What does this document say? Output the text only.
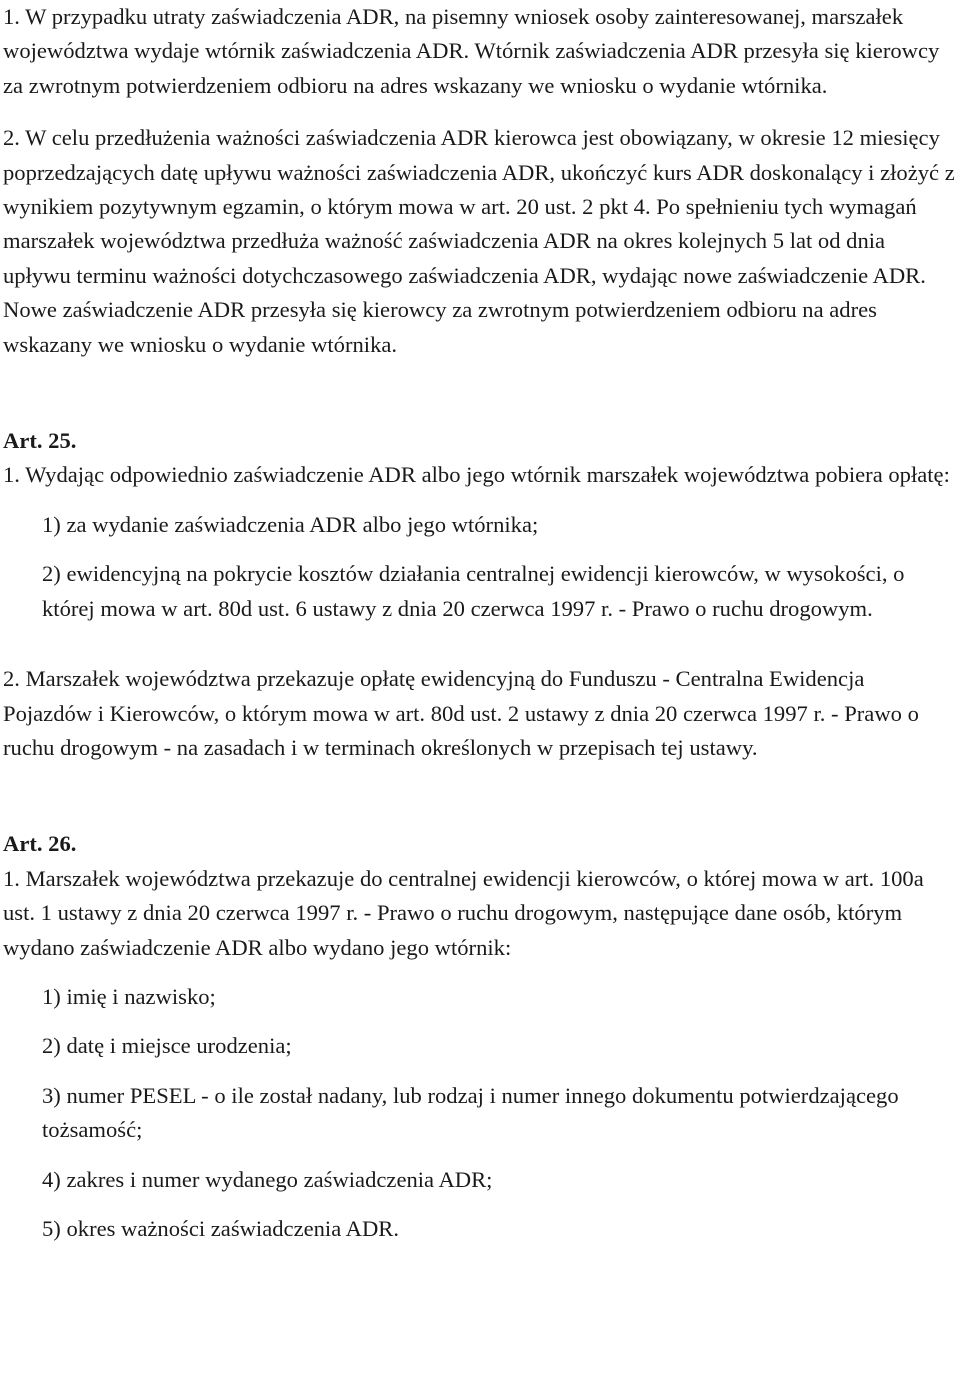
1. W przypadku utraty zaświadczenia ADR, na pisemny wniosek osoby zainteresowanej, marszałek województwa wydaje wtórnik zaświadczenia ADR. Wtórnik zaświadczenia ADR przesyła się kierowcy za zwrotnym potwierdzeniem odbioru na adres wskazany we wniosku o wydanie wtórnika.

2. W celu przedłużenia ważności zaświadczenia ADR kierowca jest obowiązany, w okresie 12 miesięcy poprzedzających datę upływu ważności zaświadczenia ADR, ukończyć kurs ADR doskonalący i złożyć z wynikiem pozytywnym egzamin, o którym mowa w art. 20 ust. 2 pkt 4. Po spełnieniu tych wymagań marszałek województwa przedłuża ważność zaświadczenia ADR na okres kolejnych 5 lat od dnia upływu terminu ważności dotychczasowego zaświadczenia ADR, wydając nowe zaświadczenie ADR. Nowe zaświadczenie ADR przesyła się kierowcy za zwrotnym potwierdzeniem odbioru na adres wskazany we wniosku o wydanie wtórnika.

Art. 25.

1. Wydając odpowiednio zaświadczenie ADR albo jego wtórnik marszałek województwa pobiera opłatę:

1) za wydanie zaświadczenia ADR albo jego wtórnika;

2) ewidencyjną na pokrycie kosztów działania centralnej ewidencji kierowców, w wysokości, o której mowa w art. 80d ust. 6 ustawy z dnia 20 czerwca 1997 r. - Prawo o ruchu drogowym.

2. Marszałek województwa przekazuje opłatę ewidencyjną do Funduszu - Centralna Ewidencja Pojazdów i Kierowców, o którym mowa w art. 80d ust. 2 ustawy z dnia 20 czerwca 1997 r. - Prawo o ruchu drogowym - na zasadach i w terminach określonych w przepisach tej ustawy.

Art. 26.

1. Marszałek województwa przekazuje do centralnej ewidencji kierowców, o której mowa w art. 100a ust. 1 ustawy z dnia 20 czerwca 1997 r. - Prawo o ruchu drogowym, następujące dane osób, którym wydano zaświadczenie ADR albo wydano jego wtórnik:

1) imię i nazwisko;

2) datę i miejsce urodzenia;

3) numer PESEL - o ile został nadany, lub rodzaj i numer innego dokumentu potwierdzającego tożsamość;

4) zakres i numer wydanego zaświadczenia ADR;

5) okres ważności zaświadczenia ADR.
